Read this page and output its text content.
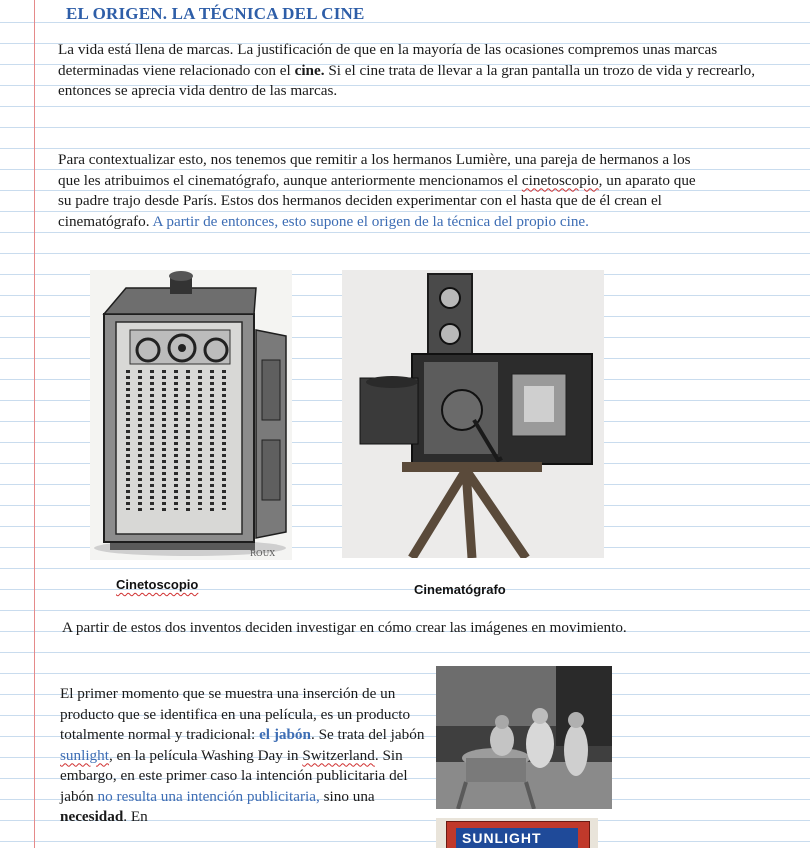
EL ORIGEN. LA TÉCNICA DEL CINE

La vida está llena de marcas. La justificación de que en la mayoría de las ocasiones compremos unas marcas determinadas viene relacionado con el cine. Si el cine trata de llevar a la gran pantalla un trozo de vida y recrearlo, entonces se aprecia vida dentro de las marcas.

Para contextualizar esto, nos tenemos que remitir a los hermanos Lumière, una pareja de hermanos a los que les atribuimos el cinematógrafo, aunque anteriormente mencionamos el cinetoscopio, un aparato que su padre trajo desde París. Estos dos hermanos deciden experimentar con el hasta que de él crean el cinematógrafo. A partir de entonces, esto supone el origen de la técnica del propio cine.

ROUX
Cinetoscopio	Cinematógrafo

A partir de estos dos inventos deciden investigar en cómo crear las imágenes en movimiento.

SUNLIGHT

El primer momento que se muestra una inserción de un producto que se identifica en una película, es un producto totalmente normal y tradicional: el jabón. Se trata del jabón sunlight, en la película Washing Day in Switzerland. Sin embargo, en este primer caso la intención publicitaria del jabón no resulta una intención publicitaria, sino una necesidad. En
